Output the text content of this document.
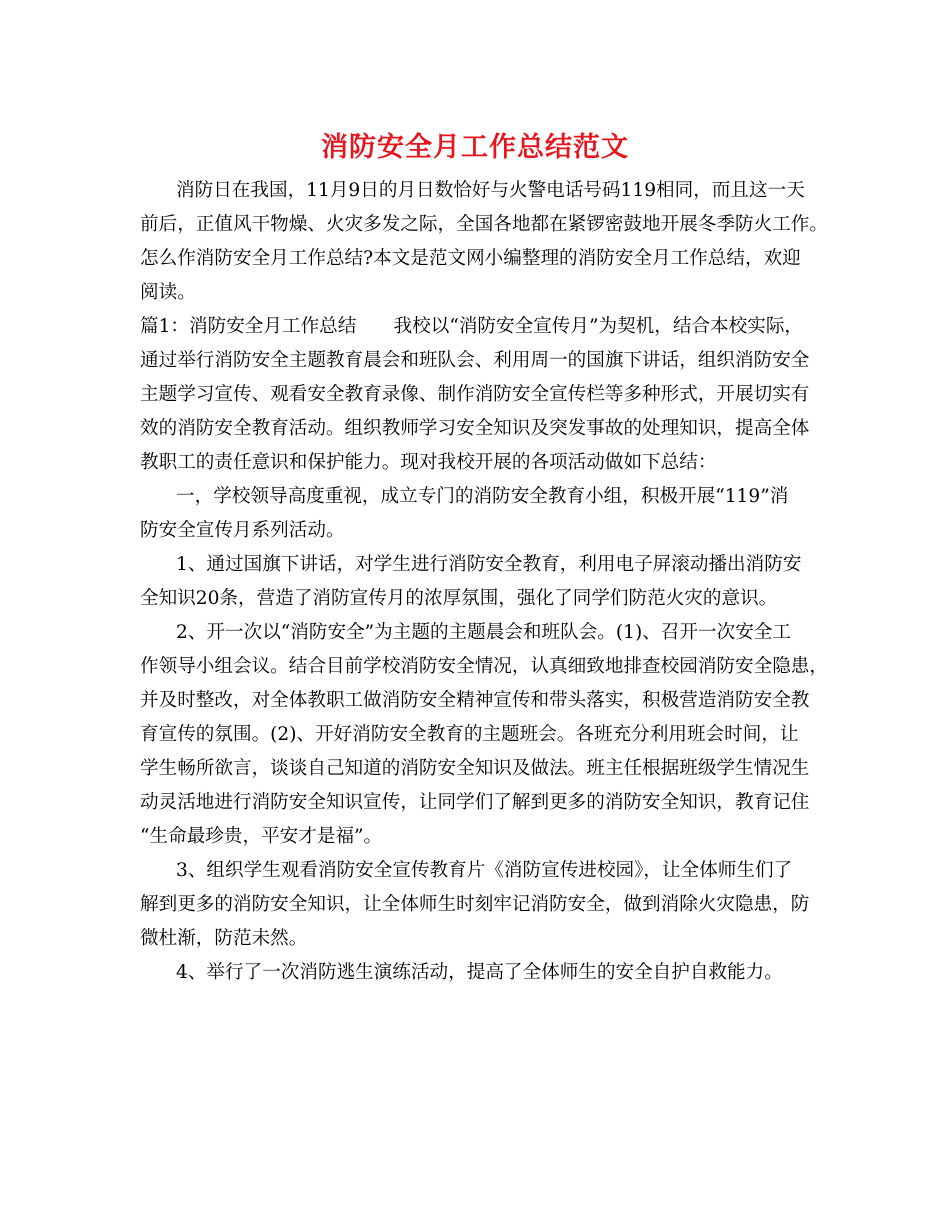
消防安全月工作总结范文
消防日在我国，11月9日的月日数恰好与火警电话号码119相同，而且这一天
前后，正值风干物燥、火灾多发之际，全国各地都在紧锣密鼓地开展冬季防火工作。
怎么作消防安全月工作总结?本文是范文网小编整理的消防安全月工作总结，欢迎
阅读。
篇1：消防安全月工作总结　　我校以“消防安全宣传月”为契机，结合本校实际，
通过举行消防安全主题教育晨会和班队会、利用周一的国旗下讲话，组织消防安全
主题学习宣传、观看安全教育录像、制作消防安全宣传栏等多种形式，开展切实有
效的消防安全教育活动。组织教师学习安全知识及突发事故的处理知识，提高全体
教职工的责任意识和保护能力。现对我校开展的各项活动做如下总结：
一，学校领导高度重视，成立专门的消防安全教育小组，积极开展“119”消
防安全宣传月系列活动。
1、通过国旗下讲话，对学生进行消防安全教育，利用电子屏滚动播出消防安
全知识20条，营造了消防宣传月的浓厚氛围，强化了同学们防范火灾的意识。
2、开一次以“消防安全”为主题的主题晨会和班队会。(1)、召开一次安全工
作领导小组会议。结合目前学校消防安全情况，认真细致地排查校园消防安全隐患，
并及时整改，对全体教职工做消防安全精神宣传和带头落实，积极营造消防安全教
育宣传的氛围。(2)、开好消防安全教育的主题班会。各班充分利用班会时间，让
学生畅所欲言，谈谈自己知道的消防安全知识及做法。班主任根据班级学生情况生
动灵活地进行消防安全知识宣传，让同学们了解到更多的消防安全知识，教育记住
“生命最珍贵，平安才是福”。
3、组织学生观看消防安全宣传教育片《消防宣传进校园》，让全体师生们了
解到更多的消防安全知识，让全体师生时刻牢记消防安全，做到消除火灾隐患，防
微杜渐，防范未然。
4、举行了一次消防逃生演练活动，提高了全体师生的安全自护自救能力。
